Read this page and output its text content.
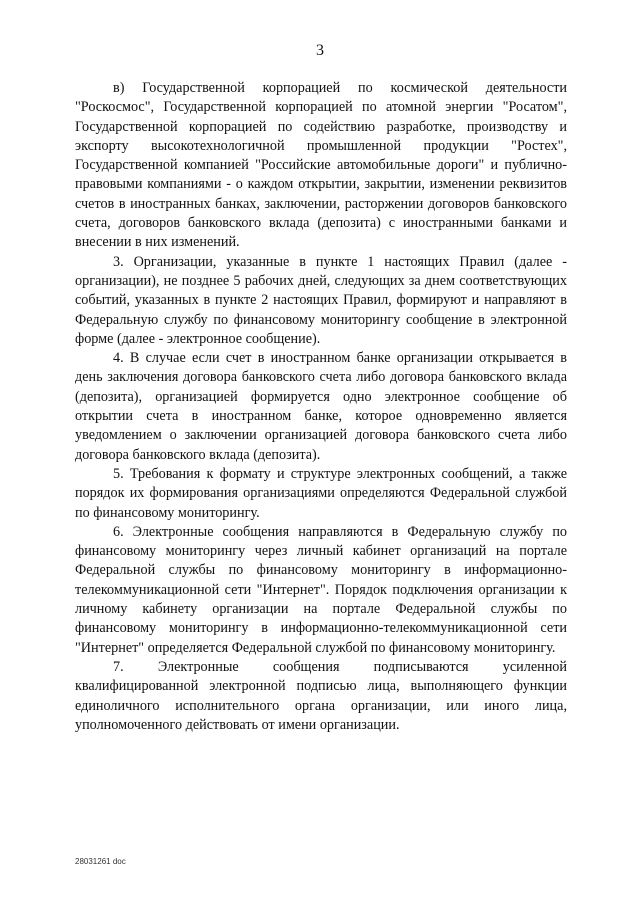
3

в) Государственной корпорацией по космической деятельности "Роскосмос", Государственной корпорацией по атомной энергии "Росатом", Государственной корпорацией по содействию разработке, производству и экспорту высокотехнологичной промышленной продукции "Ростех", Государственной компанией "Российские автомобильные дороги" и публично-правовыми компаниями - о каждом открытии, закрытии, изменении реквизитов счетов в иностранных банках, заключении, расторжении договоров банковского счета, договоров банковского вклада (депозита) с иностранными банками и внесении в них изменений.

3. Организации, указанные в пункте 1 настоящих Правил (далее - организации), не позднее 5 рабочих дней, следующих за днем соответствующих событий, указанных в пункте 2 настоящих Правил, формируют и направляют в Федеральную службу по финансовому мониторингу сообщение в электронной форме (далее - электронное сообщение).

4. В случае если счет в иностранном банке организации открывается в день заключения договора банковского счета либо договора банковского вклада (депозита), организацией формируется одно электронное сообщение об открытии счета в иностранном банке, которое одновременно является уведомлением о заключении организацией договора банковского счета либо договора банковского вклада (депозита).

5. Требования к формату и структуре электронных сообщений, а также порядок их формирования организациями определяются Федеральной службой по финансовому мониторингу.

6. Электронные сообщения направляются в Федеральную службу по финансовому мониторингу через личный кабинет организаций на портале Федеральной службы по финансовому мониторингу в информационно-телекоммуникационной сети "Интернет". Порядок подключения организации к личному кабинету организации на портале Федеральной службы по финансовому мониторингу в информационно-телекоммуникационной сети "Интернет" определяется Федеральной службой по финансовому мониторингу.

7. Электронные сообщения подписываются усиленной квалифицированной электронной подписью лица, выполняющего функции единоличного исполнительного органа организации, или иного лица, уполномоченного действовать от имени организации.

28031261 doc
